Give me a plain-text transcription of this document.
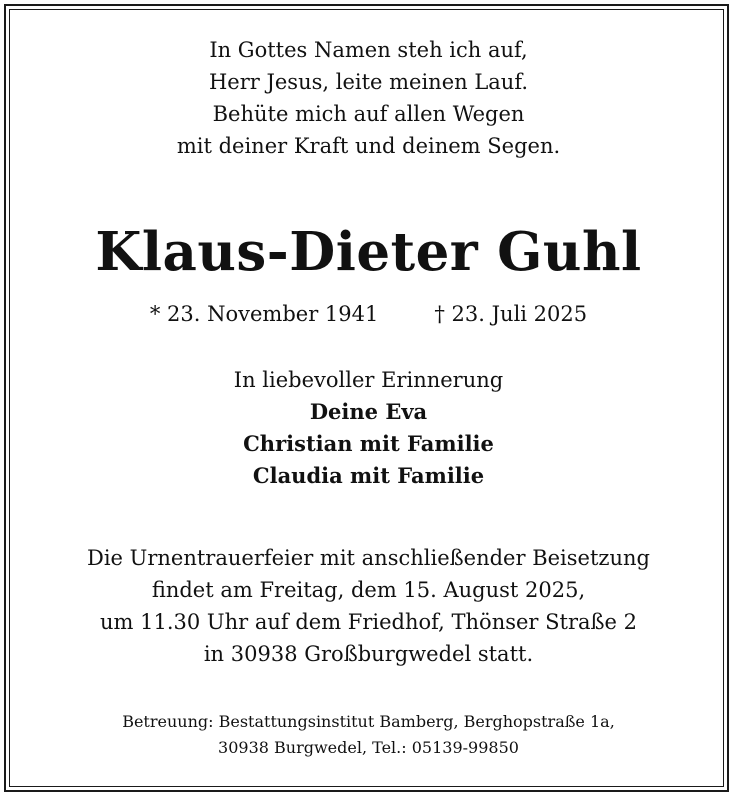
In Gottes Namen steh ich auf,
Herr Jesus, leite meinen Lauf.
Behüte mich auf allen Wegen
mit deiner Kraft und deinem Segen.
Klaus-Dieter Guhl
* 23. November 1941	† 23. Juli 2025
In liebevoller Erinnerung
Deine Eva
Christian mit Familie
Claudia mit Familie
Die Urnentrauerfeier mit anschließender Beisetzung
findet am Freitag, dem 15. August 2025,
um 11.30 Uhr auf dem Friedhof, Thönser Straße 2
in 30938 Großburgwedel statt.
Betreuung: Bestattungsinstitut Bamberg, Berghopstraße 1a,
30938 Burgwedel, Tel.: 05139-99850
